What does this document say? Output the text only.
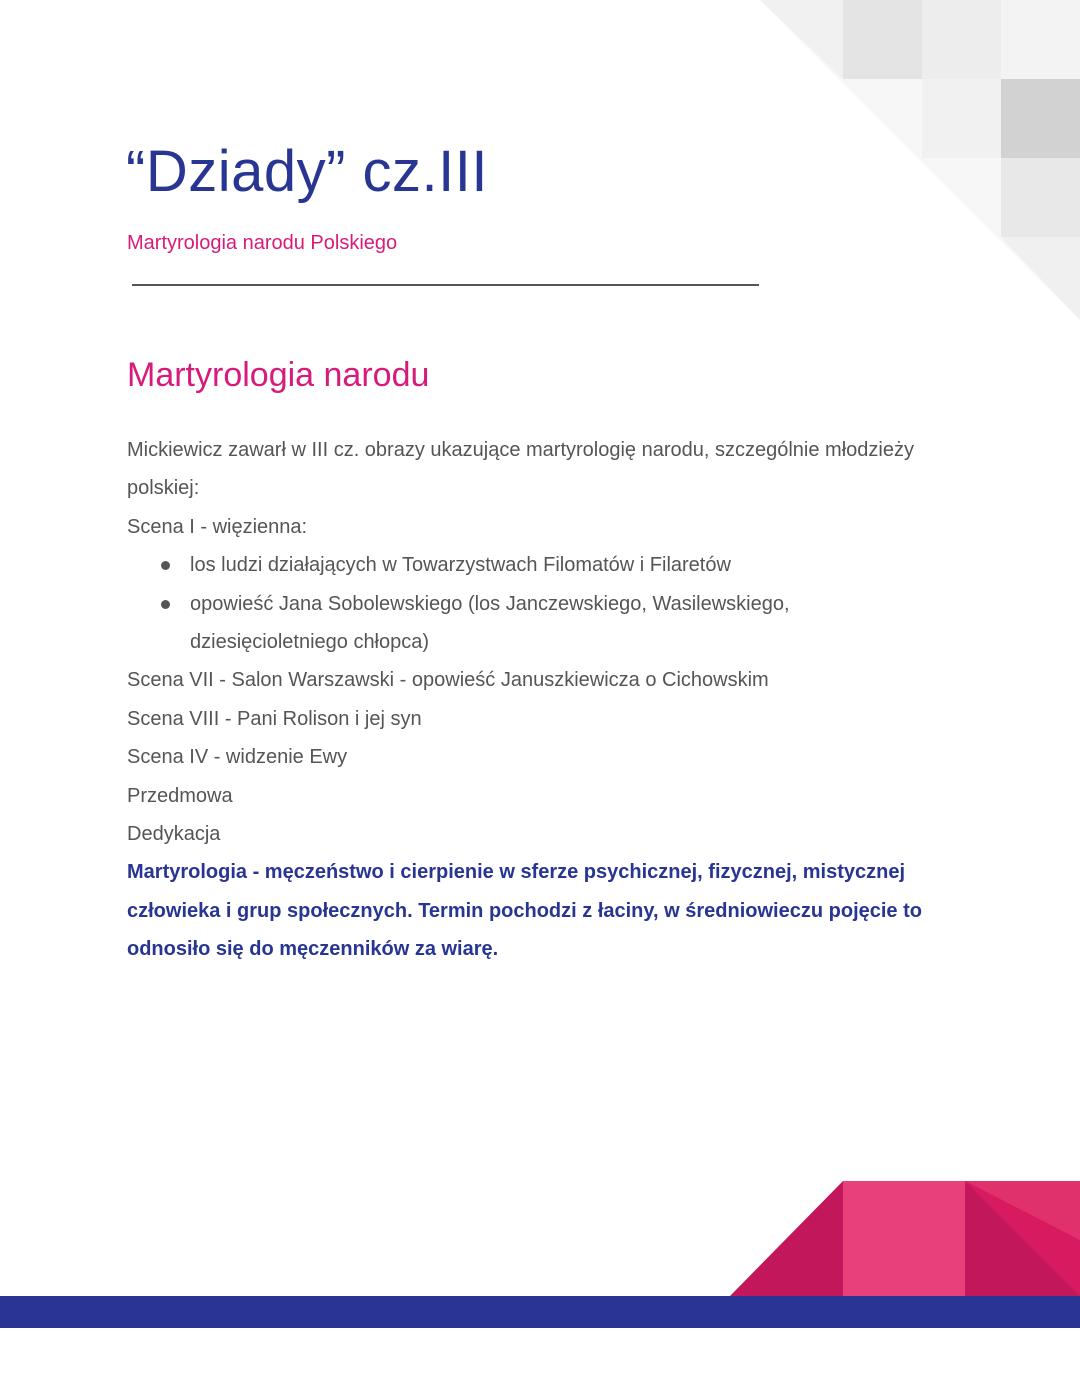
“Dziady” cz.III

Martyrologia narodu Polskiego

Martyrologia narodu

Mickiewicz zawarł w III cz. obrazy ukazujące martyrologię narodu, szczególnie młodzieży polskiej:

Scena I - więzienna:

los ludzi działających w Towarzystwach Filomatów i Filaretów
opowieść Jana Sobolewskiego (los Janczewskiego, Wasilewskiego, dziesięcioletniego chłopca)

Scena VII - Salon Warszawski - opowieść Januszkiewicza o Cichowskim

Scena VIII - Pani Rolison i jej syn

Scena IV - widzenie Ewy

Przedmowa

Dedykacja

Martyrologia - męczeństwo i cierpienie w sferze psychicznej, fizycznej, mistycznej człowieka i grup społecznych. Termin pochodzi z łaciny, w średniowieczu pojęcie to odnosiło się do męczenników za wiarę.
